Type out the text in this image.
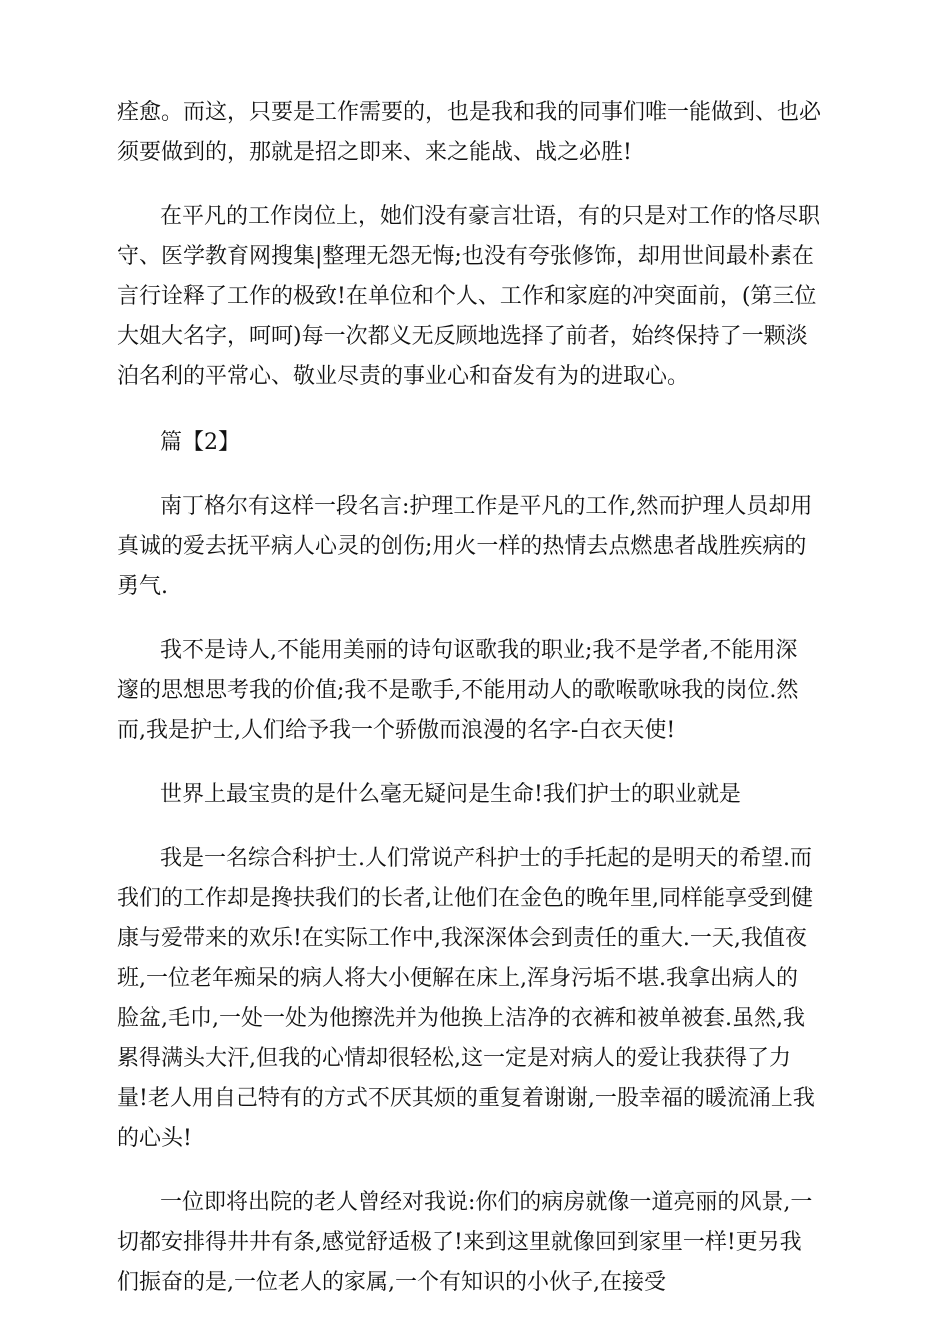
痊愈。而这，只要是工作需要的，也是我和我的同事们唯一能做到、也必
须要做到的，那就是招之即来、来之能战、战之必胜!
在平凡的工作岗位上，她们没有豪言壮语，有的只是对工作的恪尽职
守、医学教育网搜集|整理无怨无悔;也没有夸张修饰，却用世间最朴素在
言行诠释了工作的极致!在单位和个人、工作和家庭的冲突面前，(第三位
大姐大名字，呵呵)每一次都义无反顾地选择了前者，始终保持了一颗淡
泊名利的平常心、敬业尽责的事业心和奋发有为的进取心。
篇【2】
南丁格尔有这样一段名言:护理工作是平凡的工作,然而护理人员却用
真诚的爱去抚平病人心灵的创伤;用火一样的热情去点燃患者战胜疾病的
勇气.
我不是诗人,不能用美丽的诗句讴歌我的职业;我不是学者,不能用深
邃的思想思考我的价值;我不是歌手,不能用动人的歌喉歌咏我的岗位.然
而,我是护士,人们给予我一个骄傲而浪漫的名字-白衣天使!
世界上最宝贵的是什么毫无疑问是生命!我们护士的职业就是
我是一名综合科护士.人们常说产科护士的手托起的是明天的希望.而
我们的工作却是搀扶我们的长者,让他们在金色的晚年里,同样能享受到健
康与爱带来的欢乐!在实际工作中,我深深体会到责任的重大.一天,我值夜
班,一位老年痴呆的病人将大小便解在床上,浑身污垢不堪.我拿出病人的
脸盆,毛巾,一处一处为他擦洗并为他换上洁净的衣裤和被单被套.虽然,我
累得满头大汗,但我的心情却很轻松,这一定是对病人的爱让我获得了力
量!老人用自己特有的方式不厌其烦的重复着谢谢,一股幸福的暖流涌上我
的心头!
一位即将出院的老人曾经对我说:你们的病房就像一道亮丽的风景,一
切都安排得井井有条,感觉舒适极了!来到这里就像回到家里一样!更另我
们振奋的是,一位老人的家属,一个有知识的小伙子,在接受
